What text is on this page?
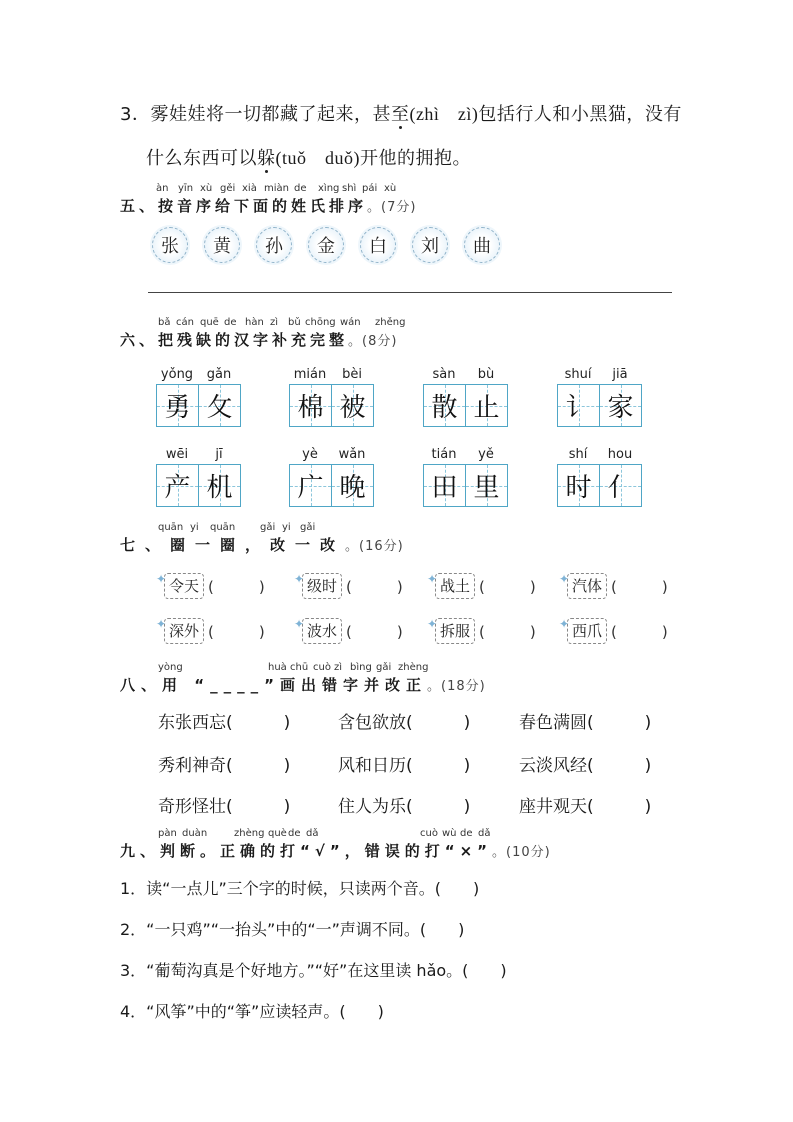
3．雾娃娃将一切都藏了起来，甚至(zhì　zì)包括行人和小黑猫，没有
什么东西可以躲(tuǒ　duǒ)开他的拥抱。
àn yīn xù gěi xià miàn de xìng shì pái xù
五、按音序给下面的姓氏排序。(7分)
张	黄	孙	金	白	刘	曲
bǎ cán quē de hàn zì bǔ chōng wán zhěng
六、把残缺的汉字补充完整。(8分)
yǒng	gǎn
勇 攵
mián	bèi
棉 被
sàn	bù
散 止
shuí	jiā
讠 家
wēi	jī
产 机
yè	wǎn
广 晚
tián	yě
田 里
shí	hou
时 亻
quān yi quān gǎi yi gǎi
七、圈一圈，改一改。(16分)
✦ 令天 (　　　) ✦ 级时 (　　　) ✦ 战土 (　　　) ✦ 汽体 (　　　)
✦ 深外 (　　　) ✦ 波水 (　　　) ✦ 拆服 (　　　) ✦ 西爪 (　　　)
yòng	huà chū cuò zì bìng gǎi zhèng
八、用 “____”画出错字并改正。(18分)
东张西忘(　　　)	含包欲放(　　　)	春色满圆(　　　)
秀利神奇(　　　)	风和日历(　　　)	云淡风经(　　　)
奇形怪壮(　　　)	住人为乐(　　　)	座井观天(　　　)
pàn duàn	zhèng què de dǎ	cuò wù de dǎ
九、判断。正确的打“√”，错误的打“×”。(10分)
1．读“一点儿”三个字的时候，只读两个音。(　　)
2．“一只鸡”“一抬头”中的“一”声调不同。(　　)
3．“葡萄沟真是个好地方。”“好”在这里读 hǎo。(　　)
4．“风筝”中的“筝”应读轻声。(　　)
